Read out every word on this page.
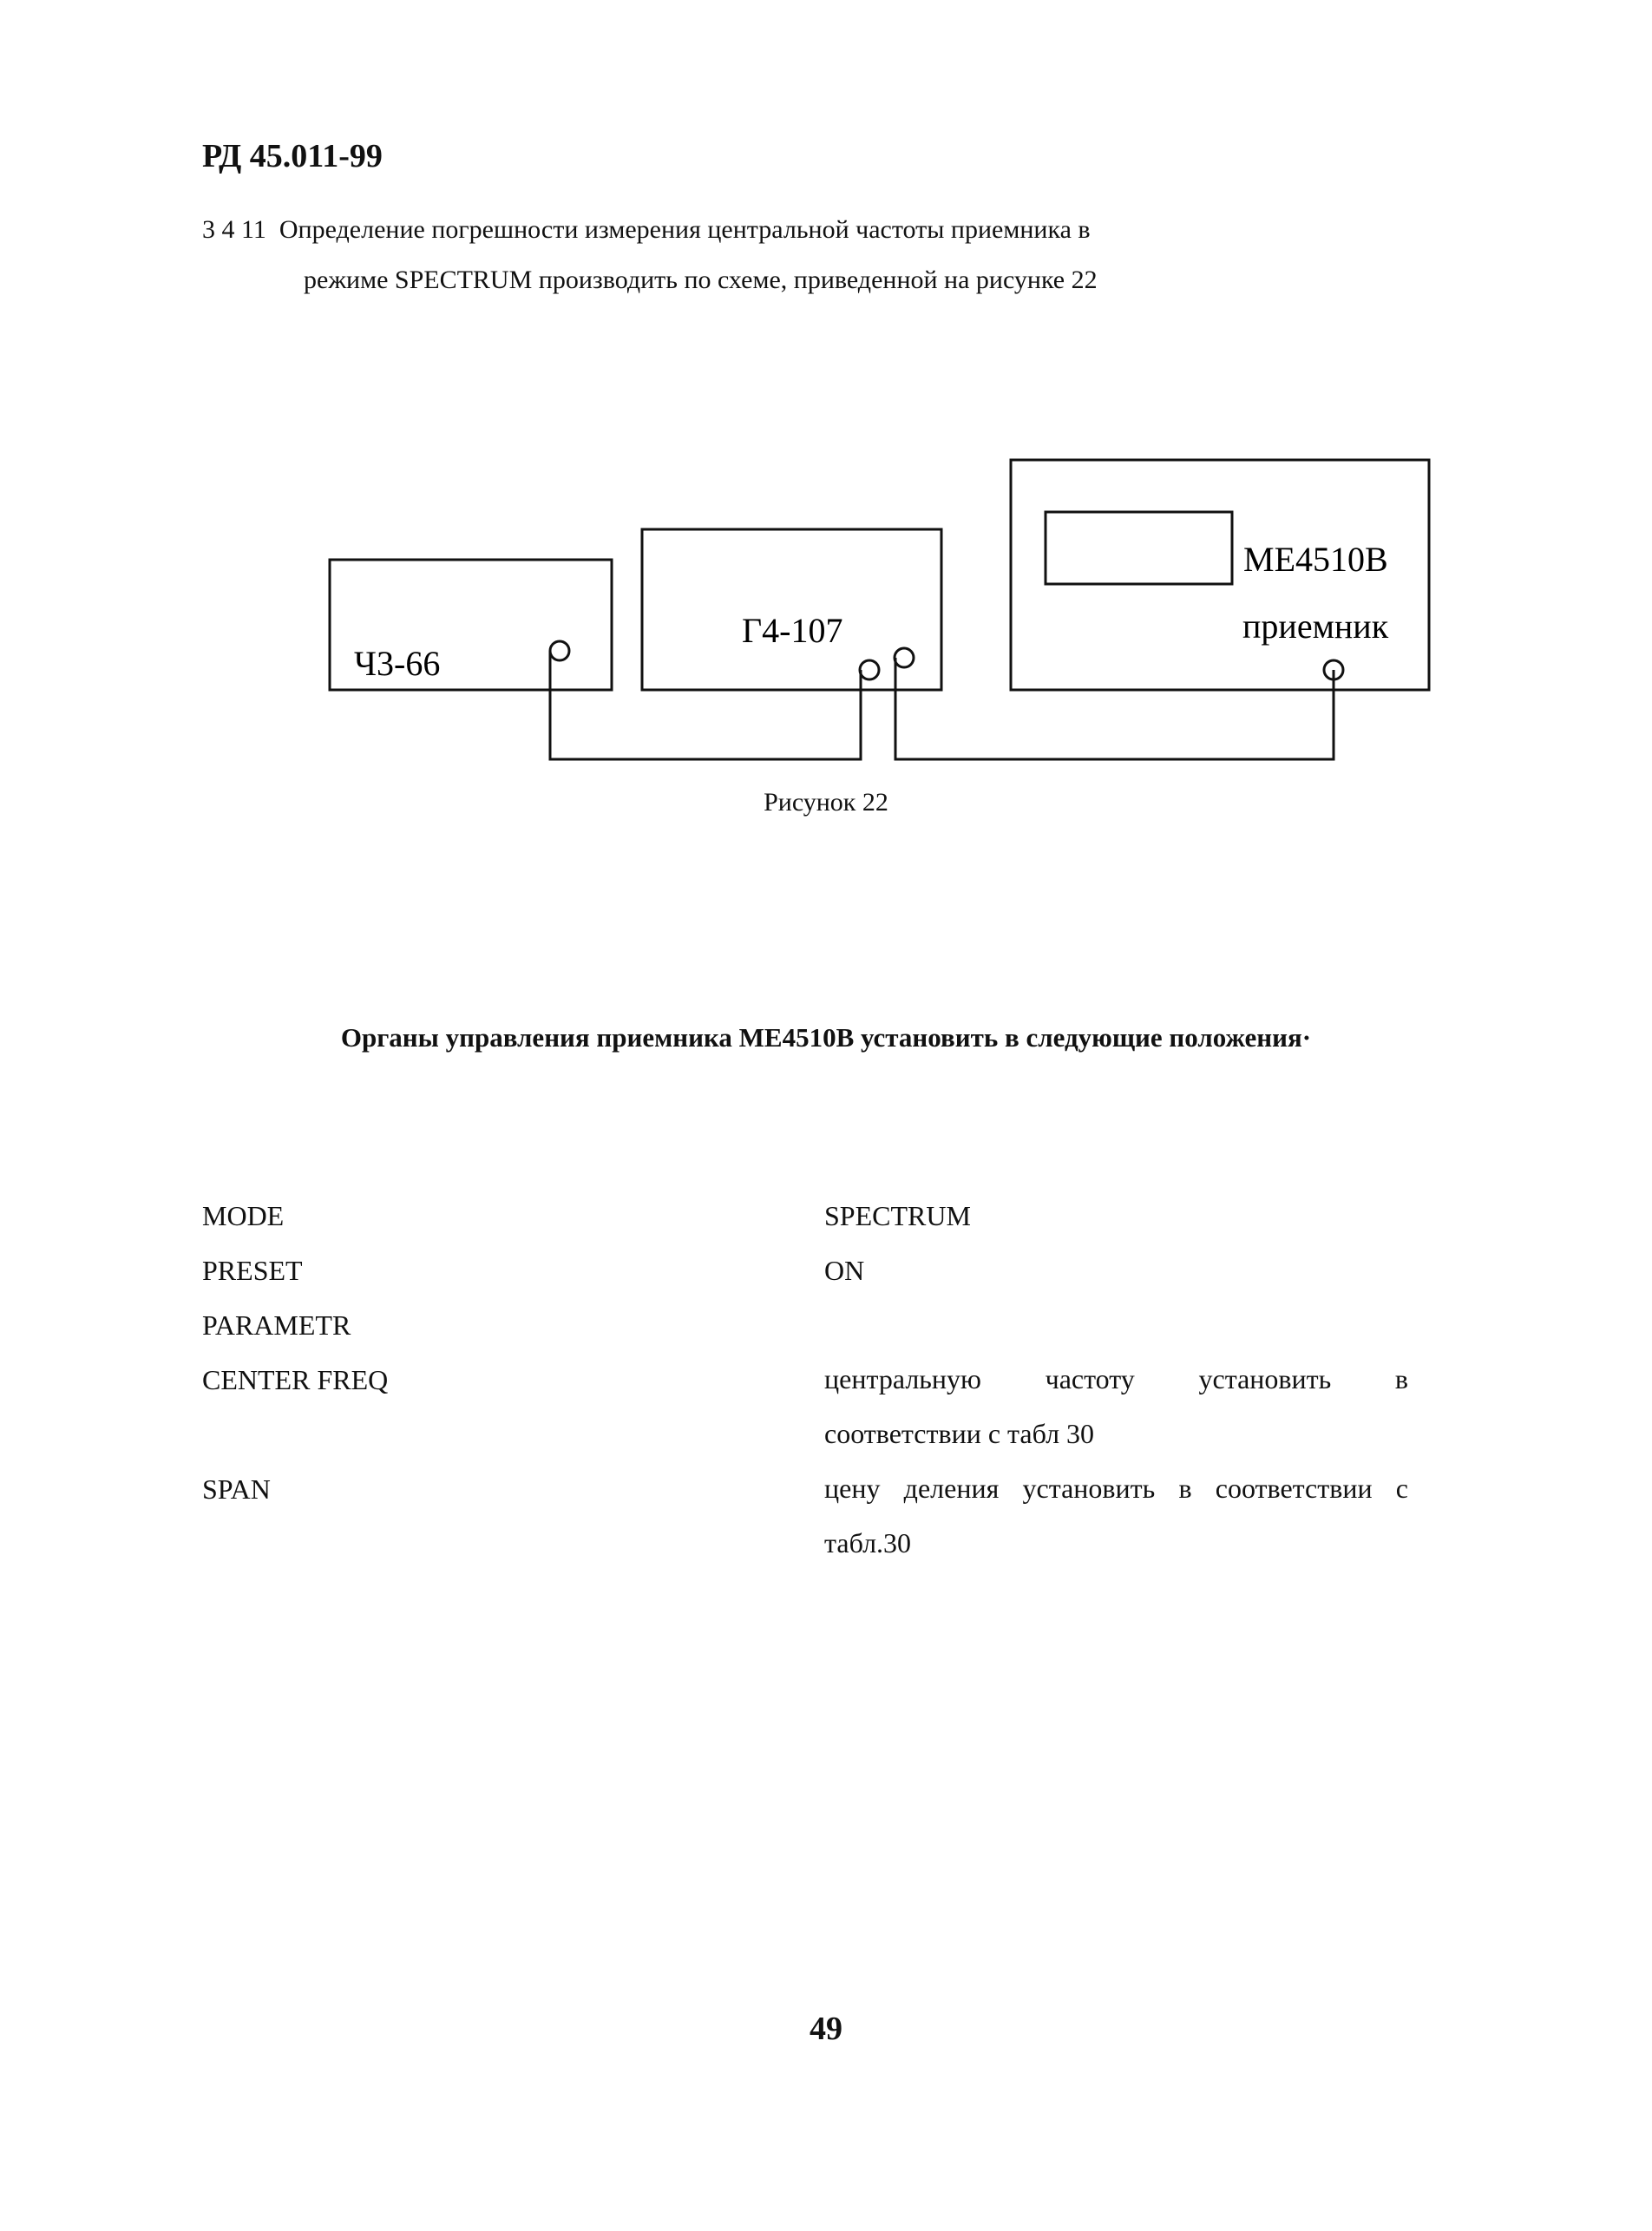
РД 45.011-99
3 4 11 Определение погрешности измерения центральной частоты приемника в
режиме SPECTRUM производить по схеме, приведенной на рисунке 22
Ч3-66
Г4-107
МЕ4510В
приемник
Рисунок 22
Органы управления приемника МЕ4510В установить в следующие положения·
MODE	SPECTRUM
PRESET	ON
PARAMETR
CENTER FREQ	центральную частоту установить в
соответствии с табл 30
SPAN	цену деления установить в соответствии с
табл.30
49
